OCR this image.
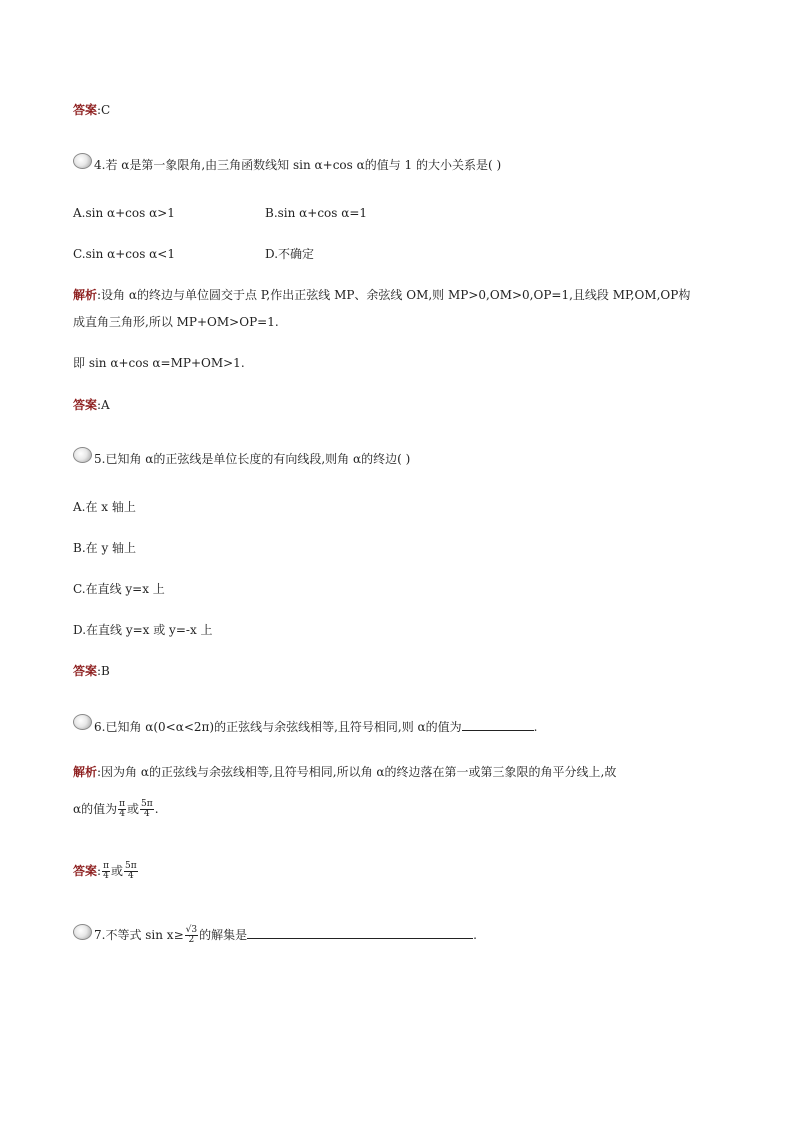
答案:C
4.若 α是第一象限角,由三角函数线知 sin α+cos α的值与 1 的大小关系是( )
A.sin α+cos α>1	B.sin α+cos α=1
C.sin α+cos α<1	D.不确定
解析:设角 α的终边与单位圆交于点 P,作出正弦线 MP、余弦线 OM,则 MP>0,OM>0,OP=1,且线段 MP,OM,OP构
成直角三角形,所以 MP+OM>OP=1.
即 sin α+cos α=MP+OM>1.
答案:A
5.已知角 α的正弦线是单位长度的有向线段,则角 α的终边( )
A.在 x 轴上
B.在 y 轴上
C.在直线 y=x 上
D.在直线 y=x 或 y=-x 上
答案:B
6.已知角 α(0<α<2π)的正弦线与余弦线相等,且符号相同,则 α的值为	.
解析:因为角 α的正弦线与余弦线相等,且符号相同,所以角 α的终边落在第一或第三象限的角平分线上,故
α的值为 $\frac{\pi}{4}$ 或 $\frac{5\pi}{4}$ .
答案: $\frac{\pi}{4}$ 或 $\frac{5\pi}{4}$
7.不等式 $\sin x\ge \frac{√3}{2}$ 的解集是	.
